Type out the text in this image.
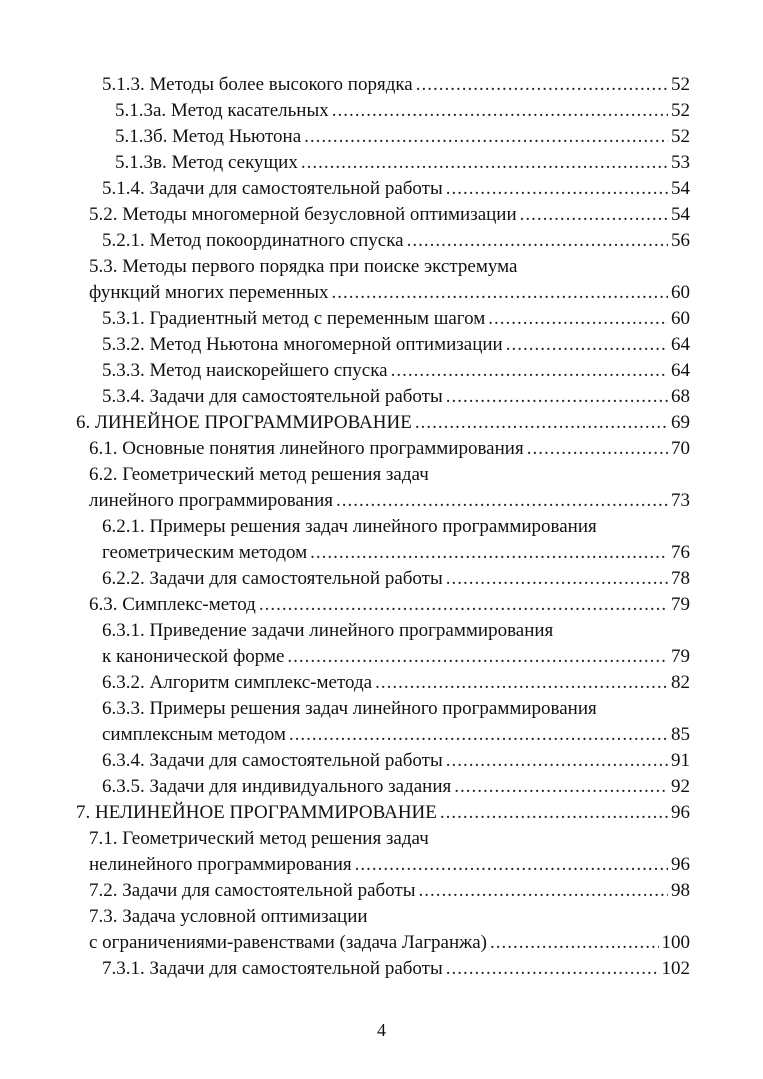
5.1.3. Методы более высокого порядка .....	52
5.1.3а. Метод касательных .....	52
5.1.3б. Метод Ньютона .....	52
5.1.3в. Метод секущих .....	53
5.1.4. Задачи для самостоятельной работы .....	54
5.2. Методы многомерной безусловной оптимизации .....	54
5.2.1. Метод покоординатного спуска .....	56
5.3. Методы первого порядка при поиске экстремума
функций многих переменных .....	60
5.3.1. Градиентный метод с переменным шагом .....	60
5.3.2. Метод Ньютона многомерной оптимизации .....	64
5.3.3. Метод наискорейшего спуска .....	64
5.3.4. Задачи для самостоятельной работы .....	68
6. ЛИНЕЙНОЕ ПРОГРАММИРОВАНИЕ .....	69
6.1. Основные понятия линейного программирования .....	70
6.2. Геометрический метод решения задач
линейного программирования .....	73
6.2.1. Примеры решения задач линейного программирования
геометрическим методом .....	76
6.2.2. Задачи для самостоятельной работы .....	78
6.3. Симплекс-метод .....	79
6.3.1. Приведение задачи линейного программирования
к канонической форме .....	79
6.3.2. Алгоритм симплекс-метода .....	82
6.3.3. Примеры решения задач линейного программирования
симплексным методом .....	85
6.3.4. Задачи для самостоятельной работы .....	91
6.3.5. Задачи для индивидуального задания .....	92
7. НЕЛИНЕЙНОЕ ПРОГРАММИРОВАНИЕ .....	96
7.1. Геометрический метод решения задач
нелинейного программирования .....	96
7.2. Задачи для самостоятельной работы .....	98
7.3. Задача условной оптимизации
с ограничениями-равенствами (задача Лагранжа) .....	100
7.3.1. Задачи для самостоятельной работы .....	102
4
